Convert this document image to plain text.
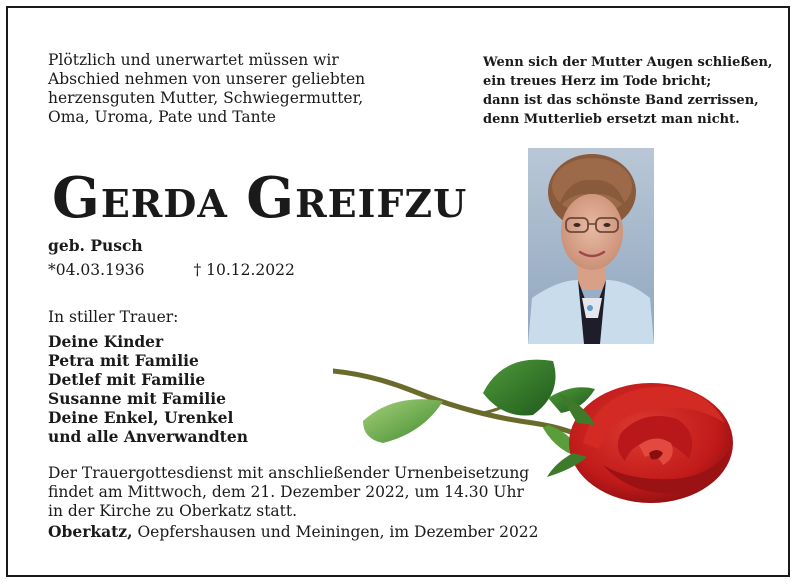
Plötzlich und unerwartet müssen wir
Abschied nehmen von unserer geliebten
herzensguten Mutter, Schwiegermutter,
Oma, Uroma, Pate und Tante
Wenn sich der Mutter Augen schließen,
ein treues Herz im Tode bricht;
dann ist das schönste Band zerrissen,
denn Mutterlieb ersetzt man nicht.
GERDA GREIFZU
geb. Pusch
*04.03.1936	† 10.12.2022
In stiller Trauer:
Deine Kinder
Petra mit Familie
Detlef mit Familie
Susanne mit Familie
Deine Enkel, Urenkel
und alle Anverwandten
Der Trauergottesdienst mit anschließender Urnenbeisetzung
findet am Mittwoch, dem 21. Dezember 2022, um 14.30 Uhr
in der Kirche zu Oberkatz statt.
Oberkatz, Oepfershausen und Meiningen, im Dezember 2022
